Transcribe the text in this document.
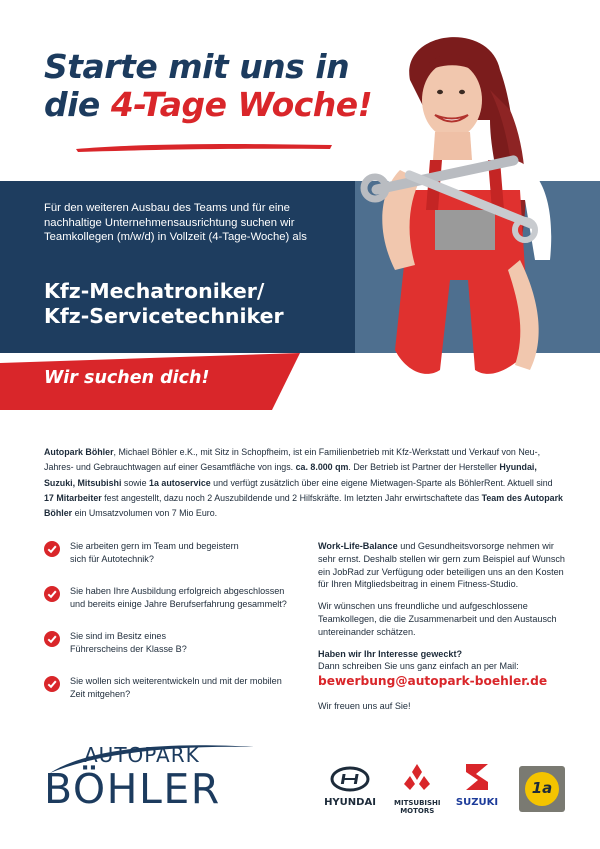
Starte mit uns in
die 4-Tage Woche!
Für den weiteren Ausbau des Teams und für eine nachhaltige Unternehmensausrichtung suchen wir Teamkollegen (m/w/d) in Vollzeit (4-Tage-Woche) als
Kfz-Mechatroniker/
Kfz-Servicetechniker
Wir suchen dich!
Autopark Böhler, Michael Böhler e.K., mit Sitz in Schopfheim, ist ein Familienbetrieb mit Kfz-Werkstatt und Verkauf von Neu-, Jahres- und Gebrauchtwagen auf einer Gesamtfläche von ings. ca. 8.000 qm. Der Betrieb ist Partner der Hersteller Hyundai, Suzuki, Mitsubishi sowie 1a autoservice und verfügt zusätzlich über eine eigene Mietwagen-Sparte als BöhlerRent. Aktuell sind 17 Mitarbeiter fest angestellt, dazu noch 2 Auszubildende und 2 Hilfskräfte. Im letzten Jahr erwirtschaftete das Team des Autopark Böhler ein Umsatzvolumen von 7 Mio Euro.
Sie arbeiten gern im Team und begeistern
sich für Autotechnik?
Sie haben Ihre Ausbildung erfolgreich abgeschlossen
und bereits einige Jahre Berufserfahrung gesammelt?
Sie sind im Besitz eines
Führerscheins der Klasse B?
Sie wollen sich weiterentwickeln und mit der mobilen
Zeit mitgehen?

Work-Life-Balance und Gesundheitsvorsorge nehmen wir sehr ernst. Deshalb stellen wir gern zum Beispiel auf Wunsch ein JobRad zur Verfügung oder beteiligen uns an den Kosten für Ihren Mitgliedsbeitrag in einem Fitness-Studio.

Wir wünschen uns freundliche und aufgeschlossene Teamkollegen, die die Zusammenarbeit und den Austausch untereinander schätzen.

Haben wir Ihr Interesse geweckt?
Dann schreiben Sie uns ganz einfach an per Mail:
bewerbung@autopark-boehler.de
Wir freuen uns auf Sie!
AUTOPARK
BÖHLER	HYUNDAI	MITSUBISHI
MOTORS
SUZUKI
1a
